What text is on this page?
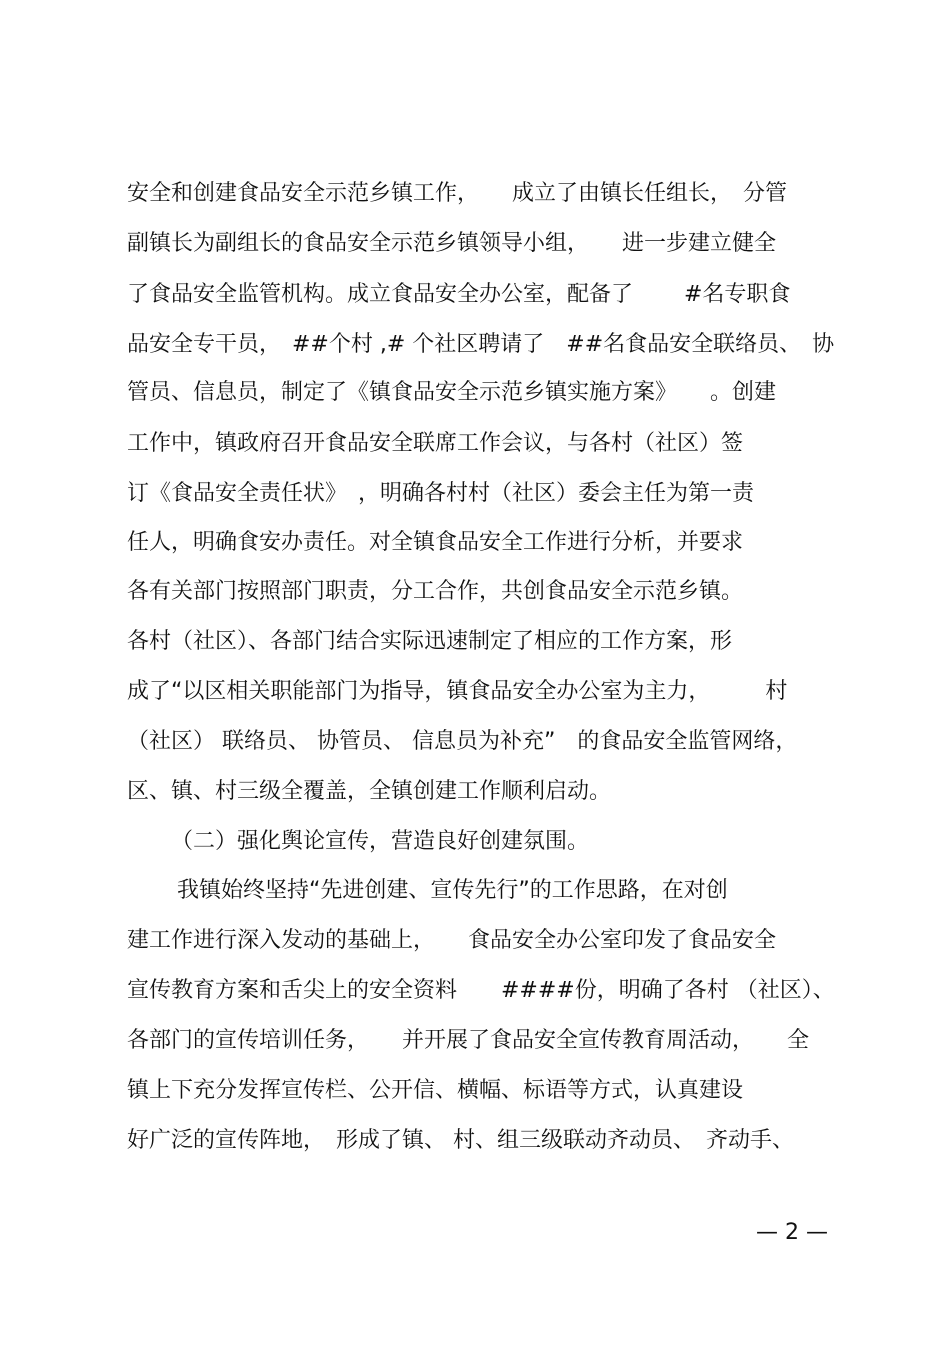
安全和创建食品安全示范乡镇工作，　　成立了由镇长任组长，　分管
副镇长为副组长的食品安全示范乡镇领导小组，　　进一步建立健全
了食品安全监管机构。成立食品安全办公室，配备了　　 #名专职食
品安全专干员，　##个村 ,# 个社区聘请了　##名食品安全联络员、　协
管员、信息员，制定了《镇食品安全示范乡镇实施方案》　　。创建
工作中，镇政府召开食品安全联席工作会议，与各村（社区）签
订《食品安全责任状》　，明确各村村（社区）委会主任为第一责
任人，明确食安办责任。对全镇食品安全工作进行分析，并要求
各有关部门按照部门职责，分工合作，共创食品安全示范乡镇。
各村（社区）、各部门结合实际迅速制定了相应的工作方案，形
成了“以区相关职能部门为指导，镇食品安全办公室为主力，　　　村
（社区） 联络员、 协管员、 信息员为补充”　的食品安全监管网络，
区、镇、村三级全覆盖，全镇创建工作顺利启动。
　（二）强化舆论宣传，营造良好创建氛围。
　我镇始终坚持“先进创建、宣传先行”的工作思路，在对创
建工作进行深入发动的基础上，　　食品安全办公室印发了食品安全
宣传教育方案和舌尖上的安全资料　　####份，明确了各村 （社区）、
各部门的宣传培训任务，　　并开展了食品安全宣传教育周活动，　　全
镇上下充分发挥宣传栏、公开信、横幅、标语等方式，认真建设
好广泛的宣传阵地，　形成了镇、 村、组三级联动齐动员、　齐动手、
— 2 —
